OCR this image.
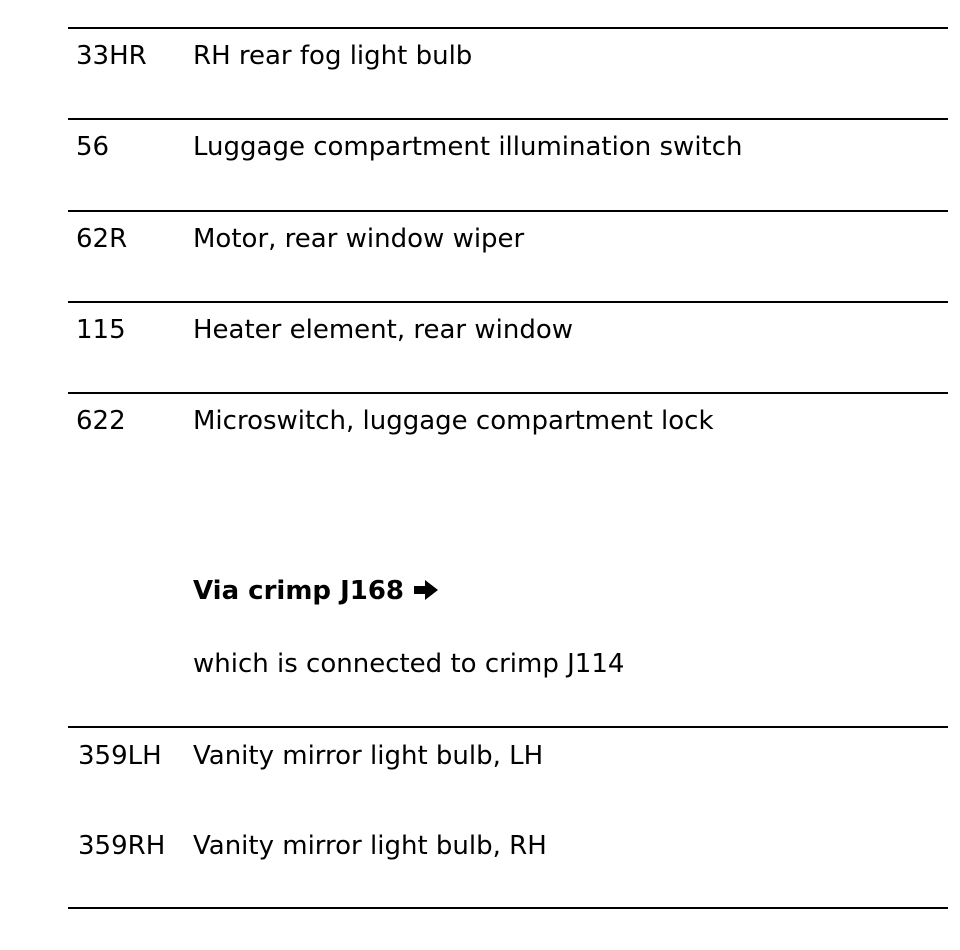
33HR RH rear fog light bulb
56	Luggage compartment illumination switch
62R	Motor, rear window wiper
115	Heater element, rear window
622	Microswitch, luggage compartment lock
Via crimp J168
which is connected to crimp J114
359LH Vanity mirror light bulb, LH
359RH Vanity mirror light bulb, RH
